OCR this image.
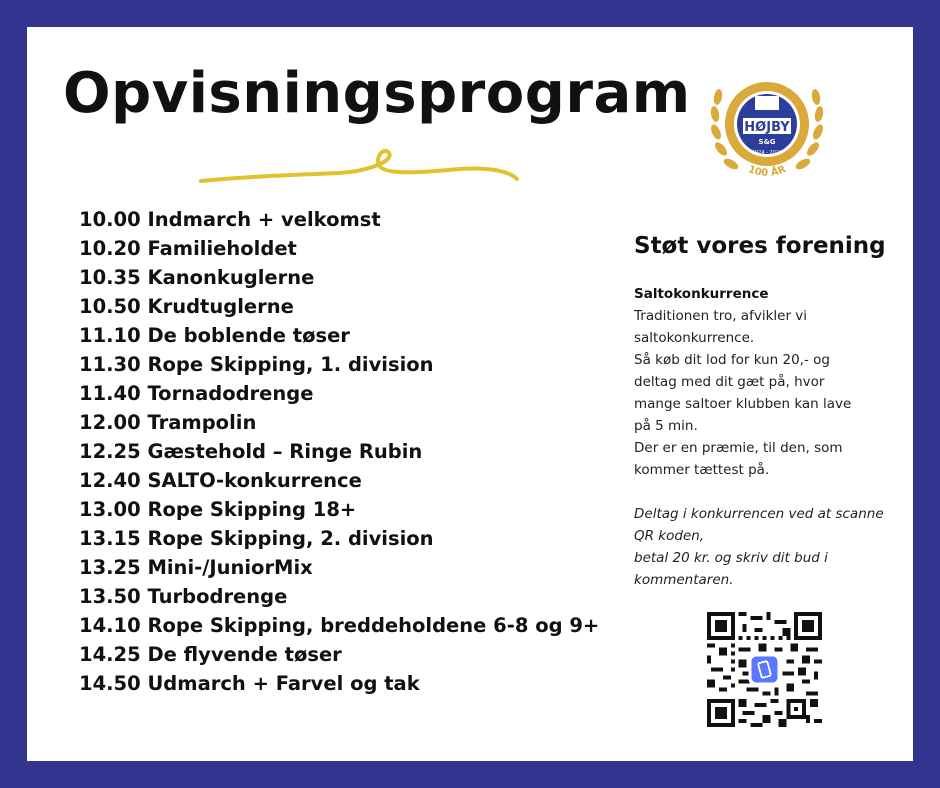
Opvisningsprogram	GYMNASTIK
HØJBY
S&G
1924 - 2024
100 ÅR
10.00 Indmarch + velkomst
10.20 Familieholdet
10.35 Kanonkuglerne
10.50 Krudtuglerne
11.10 De boblende tøser
11.30 Rope Skipping, 1. division
11.40 Tornadodrenge
12.00 Trampolin
12.25 Gæstehold – Ringe Rubin
12.40 SALTO-konkurrence
13.00 Rope Skipping 18+
13.15 Rope Skipping, 2. division
13.25 Mini-/JuniorMix
13.50 Turbodrenge
14.10 Rope Skipping, breddeholdene 6-8 og 9+
14.25 De flyvende tøser
14.50 Udmarch + Farvel og tak
Støt vores forening
Saltokonkurrence

Traditionen tro, afvikler vi

saltokonkurrence.

Så køb dit lod for kun 20,- og

deltag med dit gæt på, hvor

mange saltoer klubben kan lave

på 5 min.

Der er en præmie, til den, som

kommer tættest på.

Deltag i konkurrencen ved at scanne

QR koden,

betal 20 kr. og skriv dit bud i

kommentaren.
